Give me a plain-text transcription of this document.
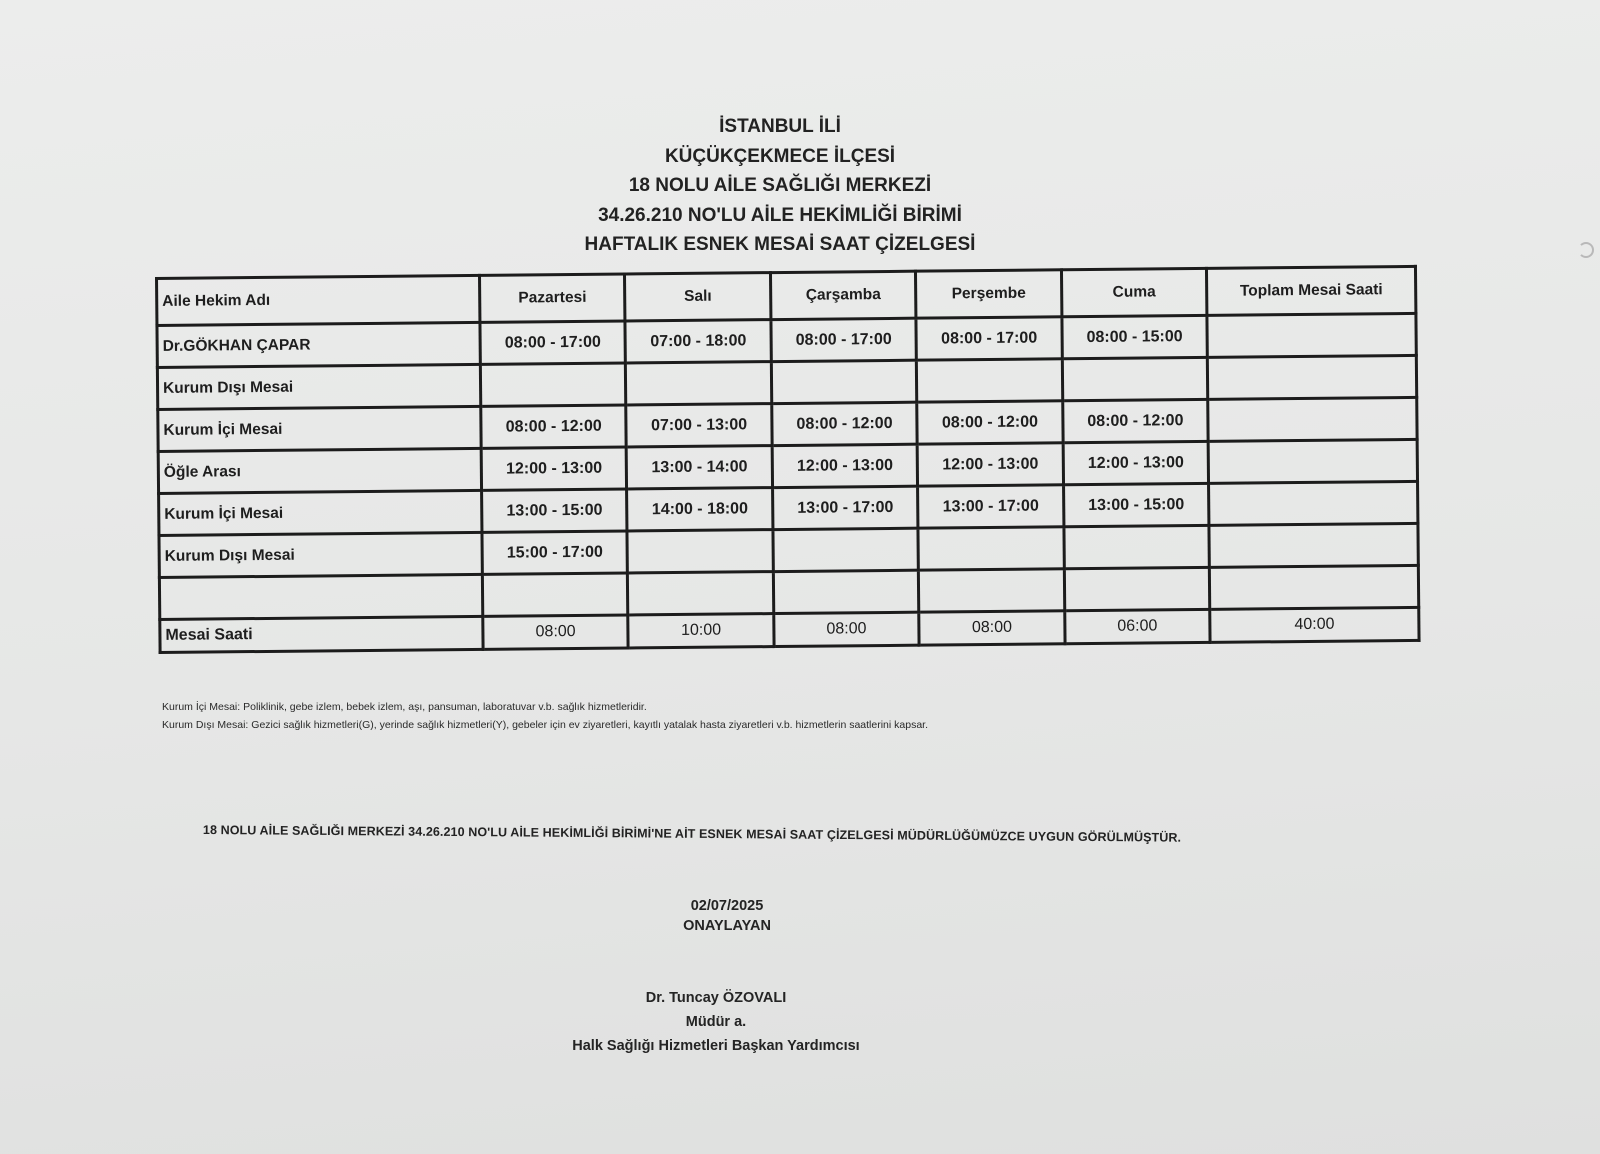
İSTANBUL İLİ
KÜÇÜKÇEKMECE İLÇESİ
18 NOLU AİLE SAĞLIĞI MERKEZİ
34.26.210 NO'LU AİLE HEKİMLİĞİ BİRİMİ
HAFTALIK ESNEK MESAİ SAAT ÇİZELGESİ
Aile Hekim Adı	Pazartesi	Salı	Çarşamba	Perşembe	Cuma	Toplam Mesai Saati
Dr.GÖKHAN ÇAPAR	08:00 - 17:00	07:00 - 18:00	08:00 - 17:00	08:00 - 17:00	08:00 - 15:00	
Kurum Dışı Mesai						
Kurum İçi Mesai	08:00 - 12:00	07:00 - 13:00	08:00 - 12:00	08:00 - 12:00	08:00 - 12:00	
Öğle Arası	12:00 - 13:00	13:00 - 14:00	12:00 - 13:00	12:00 - 13:00	12:00 - 13:00	
Kurum İçi Mesai	13:00 - 15:00	14:00 - 18:00	13:00 - 17:00	13:00 - 17:00	13:00 - 15:00	
Kurum Dışı Mesai	15:00 - 17:00					

Mesai Saati	08:00	10:00	08:00	08:00	06:00	40:00
Kurum İçi Mesai: Poliklinik, gebe izlem, bebek izlem, aşı, pansuman, laboratuvar v.b. sağlık hizmetleridir.
Kurum Dışı Mesai: Gezici sağlık hizmetleri(G), yerinde sağlık hizmetleri(Y), gebeler için ev ziyaretleri, kayıtlı yatalak hasta ziyaretleri v.b. hizmetlerin saatlerini kapsar.
18 NOLU AİLE SAĞLIĞI MERKEZİ 34.26.210 NO'LU AİLE HEKİMLİĞİ BİRİMİ'NE AİT ESNEK MESAİ SAAT ÇİZELGESİ MÜDÜRLÜĞÜMÜZCE UYGUN GÖRÜLMÜŞTÜR.
02/07/2025
ONAYLAYAN
Dr. Tuncay ÖZOVALI
Müdür a.
Halk Sağlığı Hizmetleri Başkan Yardımcısı
